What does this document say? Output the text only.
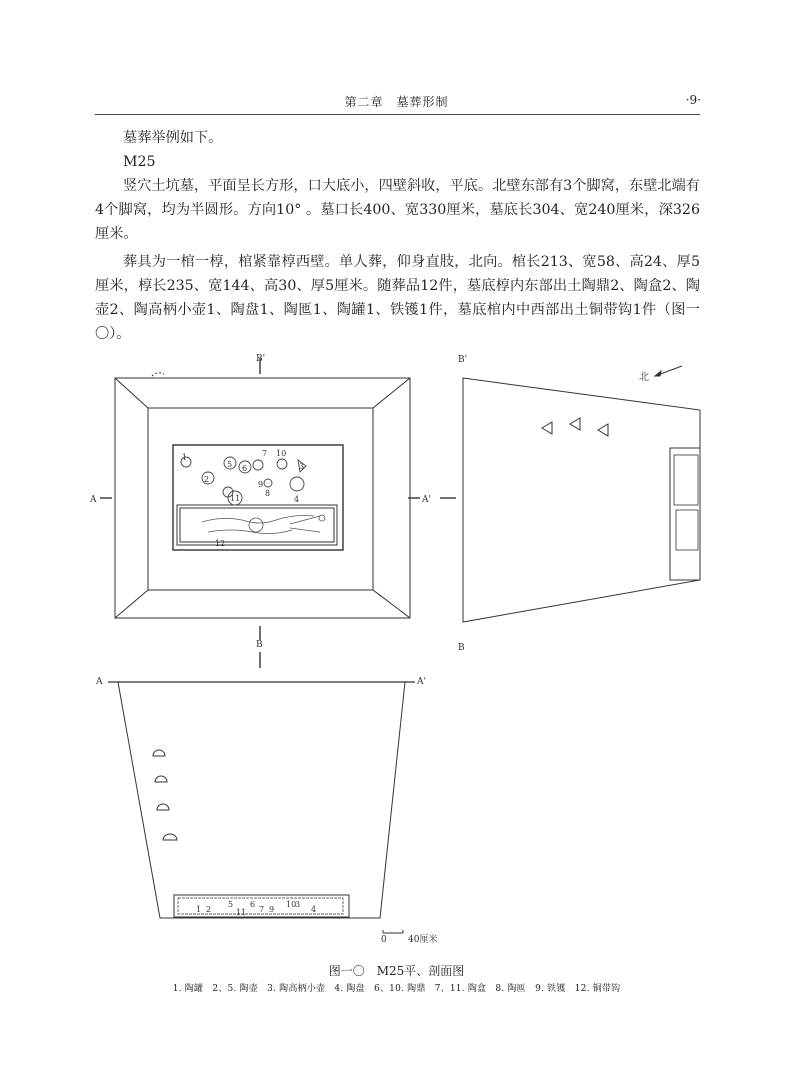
第二章　墓葬形制	·9·
墓葬举例如下。
M25
竖穴土坑墓，平面呈长方形，口大底小，四壁斜收，平底。北壁东部有3个脚窝，东壁北端有4个脚窝，均为半圆形。方向10° 。墓口长400、宽330厘米，墓底长304、宽240厘米，深326厘米。
葬具为一棺一椁，棺紧靠椁西壁。单人葬，仰身直肢，北向。棺长213、宽58、高24、厚5厘米，椁长235、宽144、高30、厚5厘米。随葬品12件，墓底椁内东部出土陶鼎2、陶盒2、陶壶2、陶高柄小壶1、陶盘1、陶匜1、陶罐1、铁镬1件，墓底棺内中西部出土铜带钩1件（图一〇）。
B'
B
A	A'
B'
B
A	A'
北
1
2
3
4
5 6
7
8
9
10
11
12
1 2
5
11
6
7 9
10
3
4
0 40厘米
图一〇　M25平、剖面图
1. 陶罐　2、5. 陶壶　3. 陶高柄小壶　4. 陶盘　6、10. 陶鼎　7、11. 陶盒　8. 陶匜　9. 铁镬　12. 铜带钩
